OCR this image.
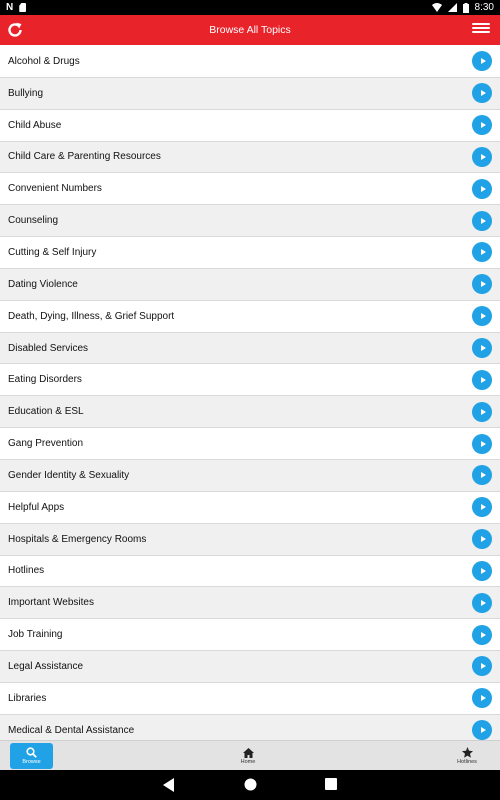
N	8:30
Browse All Topics
Alcohol & Drugs
Bullying
Child Abuse
Child Care & Parenting Resources
Convenient Numbers
Counseling
Cutting & Self Injury
Dating Violence
Death, Dying, Illness, & Grief Support
Disabled Services
Eating Disorders
Education & ESL
Gang Prevention
Gender Identity & Sexuality
Helpful Apps
Hospitals & Emergency Rooms
Hotlines
Important Websites
Job Training
Legal Assistance
Libraries
Medical & Dental Assistance
Browse	Home	Hotlines
